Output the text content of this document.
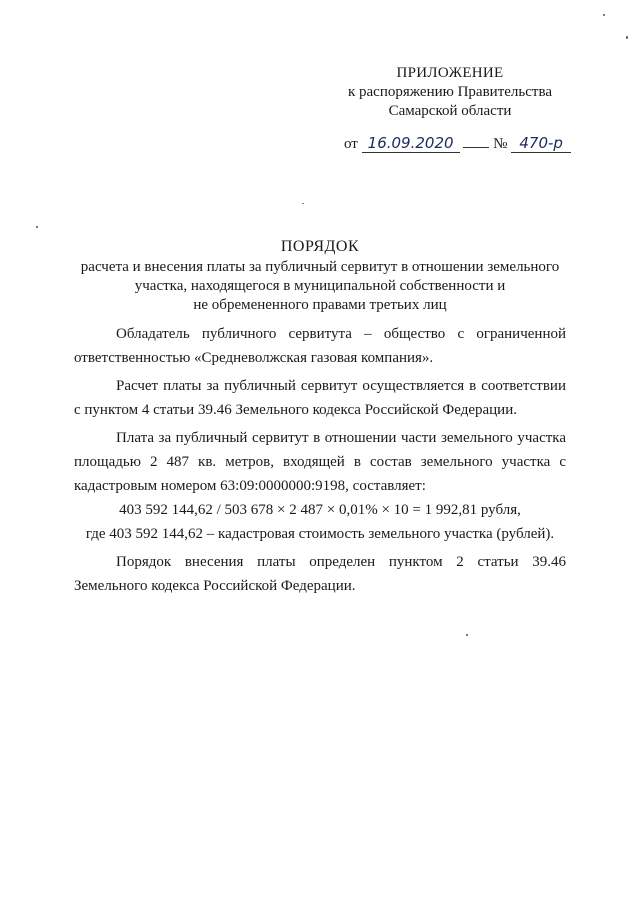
ПРИЛОЖЕНИЕ
к распоряжению Правительства
Самарской области
от 16.09.2020	№ 470-р
ПОРЯДОК
расчета и внесения платы за публичный сервитут в отношении земельного
участка, находящегося в муниципальной собственности и
не обремененного правами третьих лиц

Обладатель публичного сервитута – общество с ограниченной ответственностью «Средневолжская газовая компания».

Расчет платы за публичный сервитут осуществляется в соответствии с пунктом 4 статьи 39.46 Земельного кодекса Российской Федерации.

Плата за публичный сервитут в отношении части земельного участка площадью 2 487 кв. метров, входящей в состав земельного участка с кадастровым номером 63:09:0000000:9198, составляет:

403 592 144,62 / 503 678 × 2 487 × 0,01% × 10 = 1 992,81 рубля,
где 403 592 144,62 – кадастровая стоимость земельного участка (рублей).

Порядок внесения платы определен пунктом 2 статьи 39.46 Земельного кодекса Российской Федерации.
